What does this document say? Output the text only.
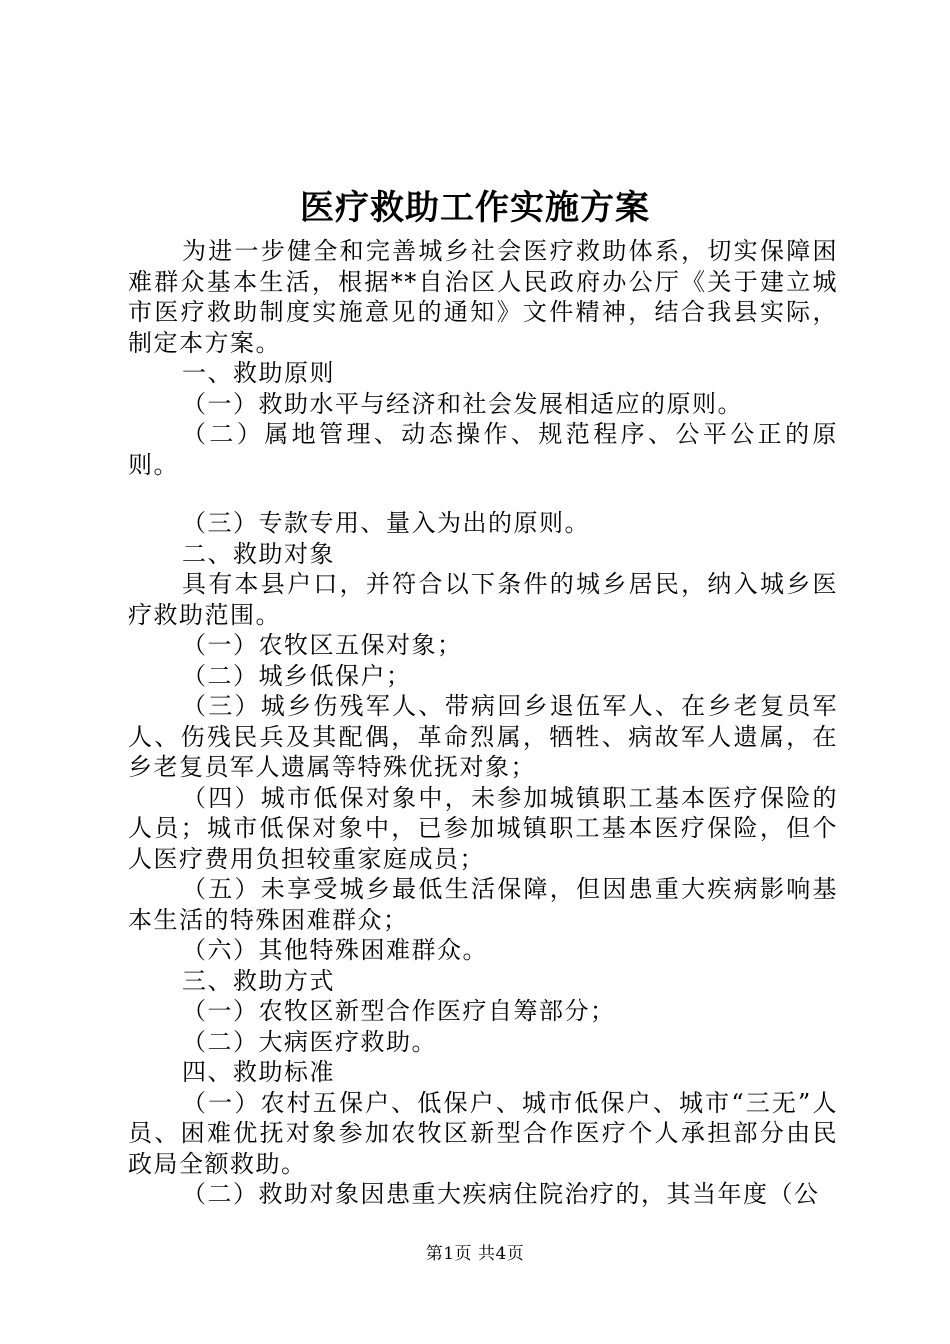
医疗救助工作实施方案

为进一步健全和完善城乡社会医疗救助体系，切实保障困难群众基本生活，根据**自治区人民政府办公厅《关于建立城市医疗救助制度实施意见的通知》文件精神，结合我县实际，制定本方案。

一、救助原则

（一）救助水平与经济和社会发展相适应的原则。

（二）属地管理、动态操作、规范程序、公平公正的原则。

（三）专款专用、量入为出的原则。

二、救助对象

具有本县户口，并符合以下条件的城乡居民，纳入城乡医疗救助范围。

（一）农牧区五保对象；

（二）城乡低保户；

（三）城乡伤残军人、带病回乡退伍军人、在乡老复员军人、伤残民兵及其配偶，革命烈属，牺牲、病故军人遗属，在乡老复员军人遗属等特殊优抚对象；

（四）城市低保对象中，未参加城镇职工基本医疗保险的人员；城市低保对象中，已参加城镇职工基本医疗保险，但个人医疗费用负担较重家庭成员；

（五）未享受城乡最低生活保障，但因患重大疾病影响基本生活的特殊困难群众；

（六）其他特殊困难群众。

三、救助方式

（一）农牧区新型合作医疗自筹部分；

（二）大病医疗救助。

四、救助标准

（一）农村五保户、低保户、城市低保户、城市“三无”人员、困难优抚对象参加农牧区新型合作医疗个人承担部分由民政局全额救助。

（二）救助对象因患重大疾病住院治疗的，其当年度（公

第1页 共4页
